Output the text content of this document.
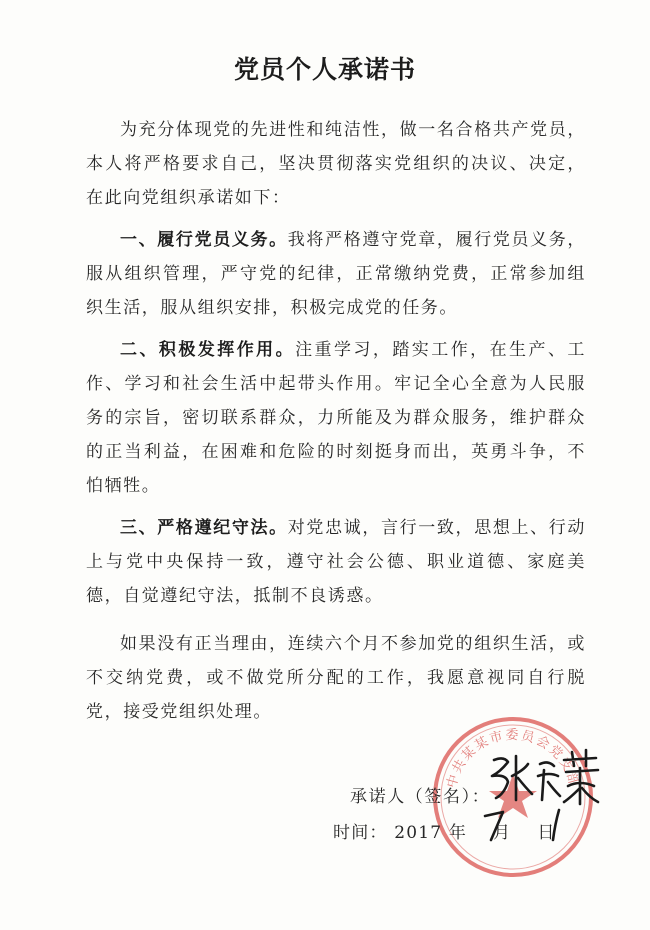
党员个人承诺书

为充分体现党的先进性和纯洁性，做一名合格共产党员，本人将严格要求自己，坚决贯彻落实党组织的决议、决定，在此向党组织承诺如下：

一、履行党员义务。我将严格遵守党章，履行党员义务，服从组织管理，严守党的纪律，正常缴纳党费，正常参加组织生活，服从组织安排，积极完成党的任务。

二、积极发挥作用。注重学习，踏实工作，在生产、工作、学习和社会生活中起带头作用。牢记全心全意为人民服务的宗旨，密切联系群众，力所能及为群众服务，维护群众的正当利益，在困难和危险的时刻挺身而出，英勇斗争，不怕牺牲。

三、严格遵纪守法。对党忠诚，言行一致，思想上、行动上与党中央保持一致，遵守社会公德、职业道德、家庭美德，自觉遵纪守法，抵制不良诱惑。

如果没有正当理由，连续六个月不参加党的组织生活，或不交纳党费，或不做党所分配的工作，我愿意视同自行脱党，接受党组织处理。

中共某某市委员会党支部
承诺人（签名）：
时间： 2017 年 月 日
